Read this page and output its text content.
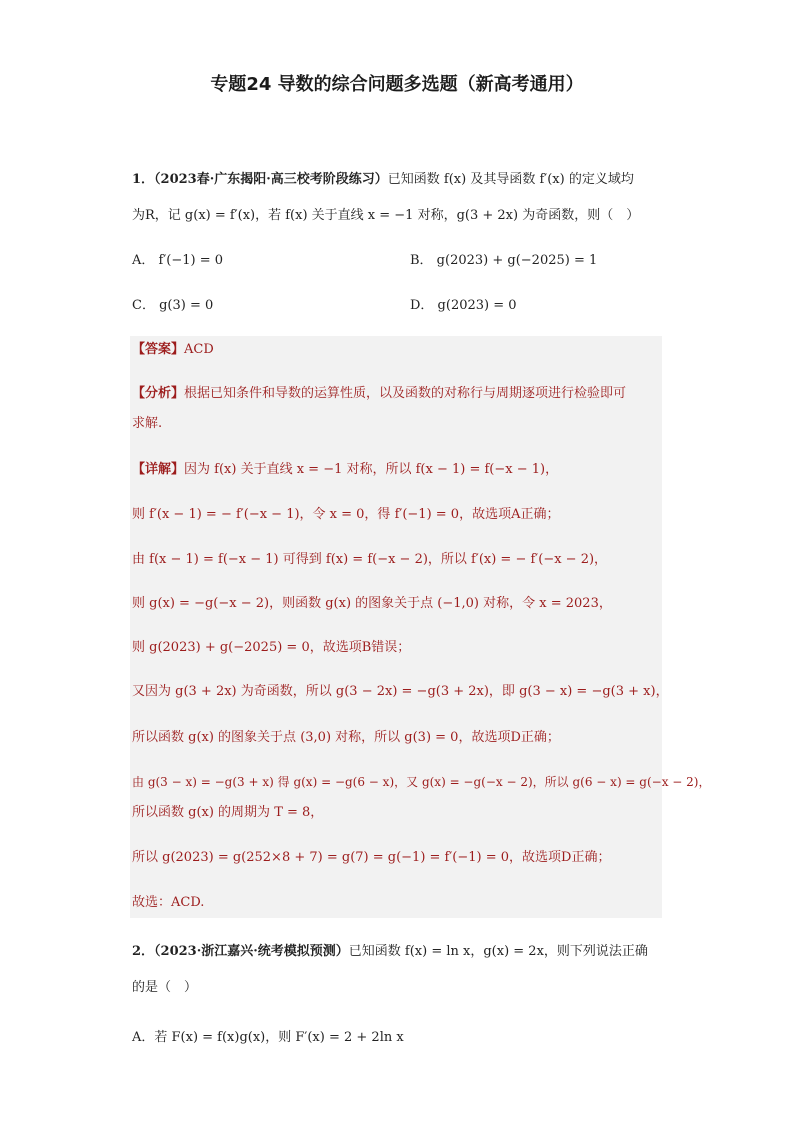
专题24 导数的综合问题多选题（新高考通用）
1．（2023春·广东揭阳·高三校考阶段练习）已知函数 f(x) 及其导函数 f′(x) 的定义域均
为R，记 g(x) = f′(x)，若 f(x) 关于直线 x = −1 对称，g(3 + 2x) 为奇函数，则（　）
A． f′(−1) = 0	B． g(2023) + g(−2025) = 1
C． g(3) = 0	D． g(2023) = 0
【答案】ACD
【分析】根据已知条件和导数的运算性质，以及函数的对称行与周期逐项进行检验即可
求解.
【详解】因为 f(x) 关于直线 x = −1 对称，所以 f(x − 1) = f(−x − 1)，
则 f′(x − 1) = − f′(−x − 1)，令 x = 0，得 f′(−1) = 0，故选项A正确；
由 f(x − 1) = f(−x − 1) 可得到 f(x) = f(−x − 2)，所以 f′(x) = − f′(−x − 2)，
则 g(x) = −g(−x − 2)，则函数 g(x) 的图象关于点 (−1,0) 对称，令 x = 2023，
则 g(2023) + g(−2025) = 0，故选项B错误；
又因为 g(3 + 2x) 为奇函数，所以 g(3 − 2x) = −g(3 + 2x)，即 g(3 − x) = −g(3 + x)，
所以函数 g(x) 的图象关于点 (3,0) 对称，所以 g(3) = 0，故选项D正确；
由 g(3 − x) = −g(3 + x) 得 g(x) = −g(6 − x)，又 g(x) = −g(−x − 2)，所以 g(6 − x) = g(−x − 2)，
所以函数 g(x) 的周期为 T = 8，
所以 g(2023) = g(252×8 + 7) = g(7) = g(−1) = f′(−1) = 0，故选项D正确；
故选：ACD.
2．（2023·浙江嘉兴·统考模拟预测）已知函数 f(x) = ln x，g(x) = 2x，则下列说法正确
的是（　）
A．若 F(x) = f(x)g(x)，则 F′(x) = 2 + 2ln x
